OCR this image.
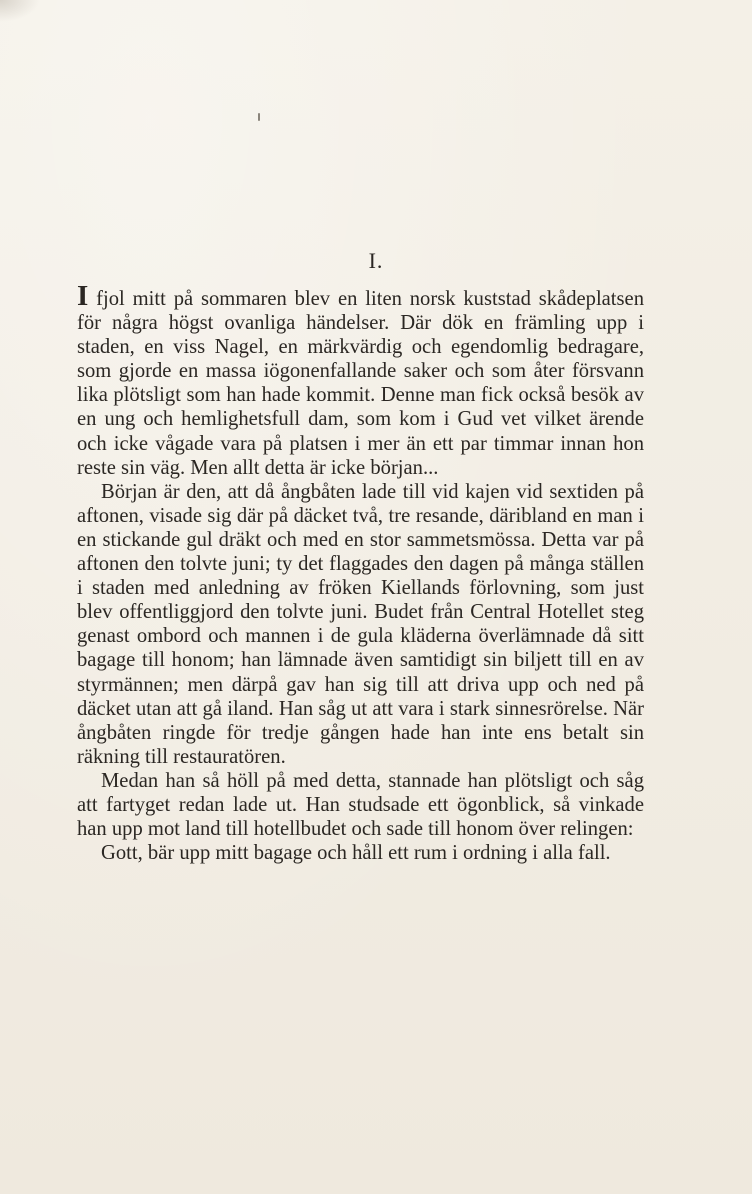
I.

I fjol mitt på sommaren blev en liten norsk kuststad skådeplatsen för några högst ovanliga händelser. Där dök en främling upp i staden, en viss Nagel, en märkvärdig och egendomlig bedragare, som gjorde en massa iögonenfallande saker och som åter försvann lika plötsligt som han hade kommit. Denne man fick också besök av en ung och hemlighetsfull dam, som kom i Gud vet vilket ärende och icke vågade vara på platsen i mer än ett par timmar innan hon reste sin väg. Men allt detta är icke början...

Början är den, att då ångbåten lade till vid kajen vid sextiden på aftonen, visade sig där på däcket två, tre resande, däribland en man i en stickande gul dräkt och med en stor sammetsmössa. Detta var på aftonen den tolvte juni; ty det flaggades den dagen på många ställen i staden med anledning av fröken Kiellands förlovning, som just blev offentliggjord den tolvte juni. Budet från Central Hotellet steg genast ombord och mannen i de gula kläderna överlämnade då sitt bagage till honom; han lämnade även samtidigt sin biljett till en av styrmännen; men därpå gav han sig till att driva upp och ned på däcket utan att gå iland. Han såg ut att vara i stark sinnesrörelse. När ångbåten ringde för tredje gången hade han inte ens betalt sin räkning till restauratören.

Medan han så höll på med detta, stannade han plötsligt och såg att fartyget redan lade ut. Han studsade ett ögonblick, så vinkade han upp mot land till hotellbudet och sade till honom över relingen:

Gott, bär upp mitt bagage och håll ett rum i ordning i alla fall.
